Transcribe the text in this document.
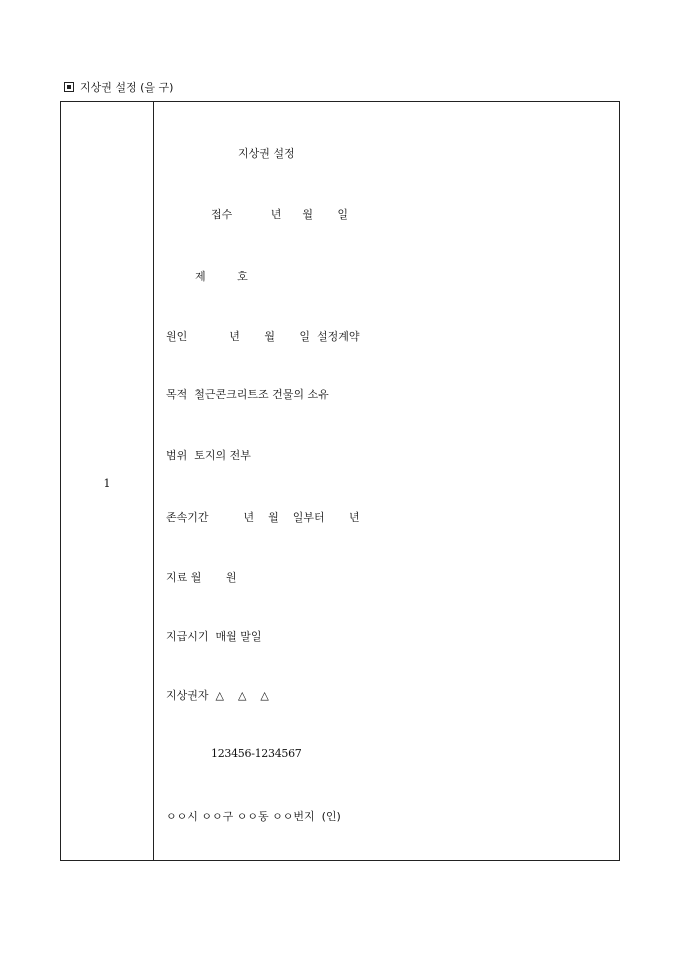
지상권 설정 (을 구)
1
지상권 설정
접수           년      월       일
제         호
원인            년       월       일  설정계약
목적  철근콘크리트조 건물의 소유
범위  토지의 전부
존속기간          년    월    일부터       년
지료 월       원
지급시기  매월 말일
지상권자  △    △    △
123456-1234567
ㅇㅇ시 ㅇㅇ구 ㅇㅇ동 ㅇㅇ번지  (인)
